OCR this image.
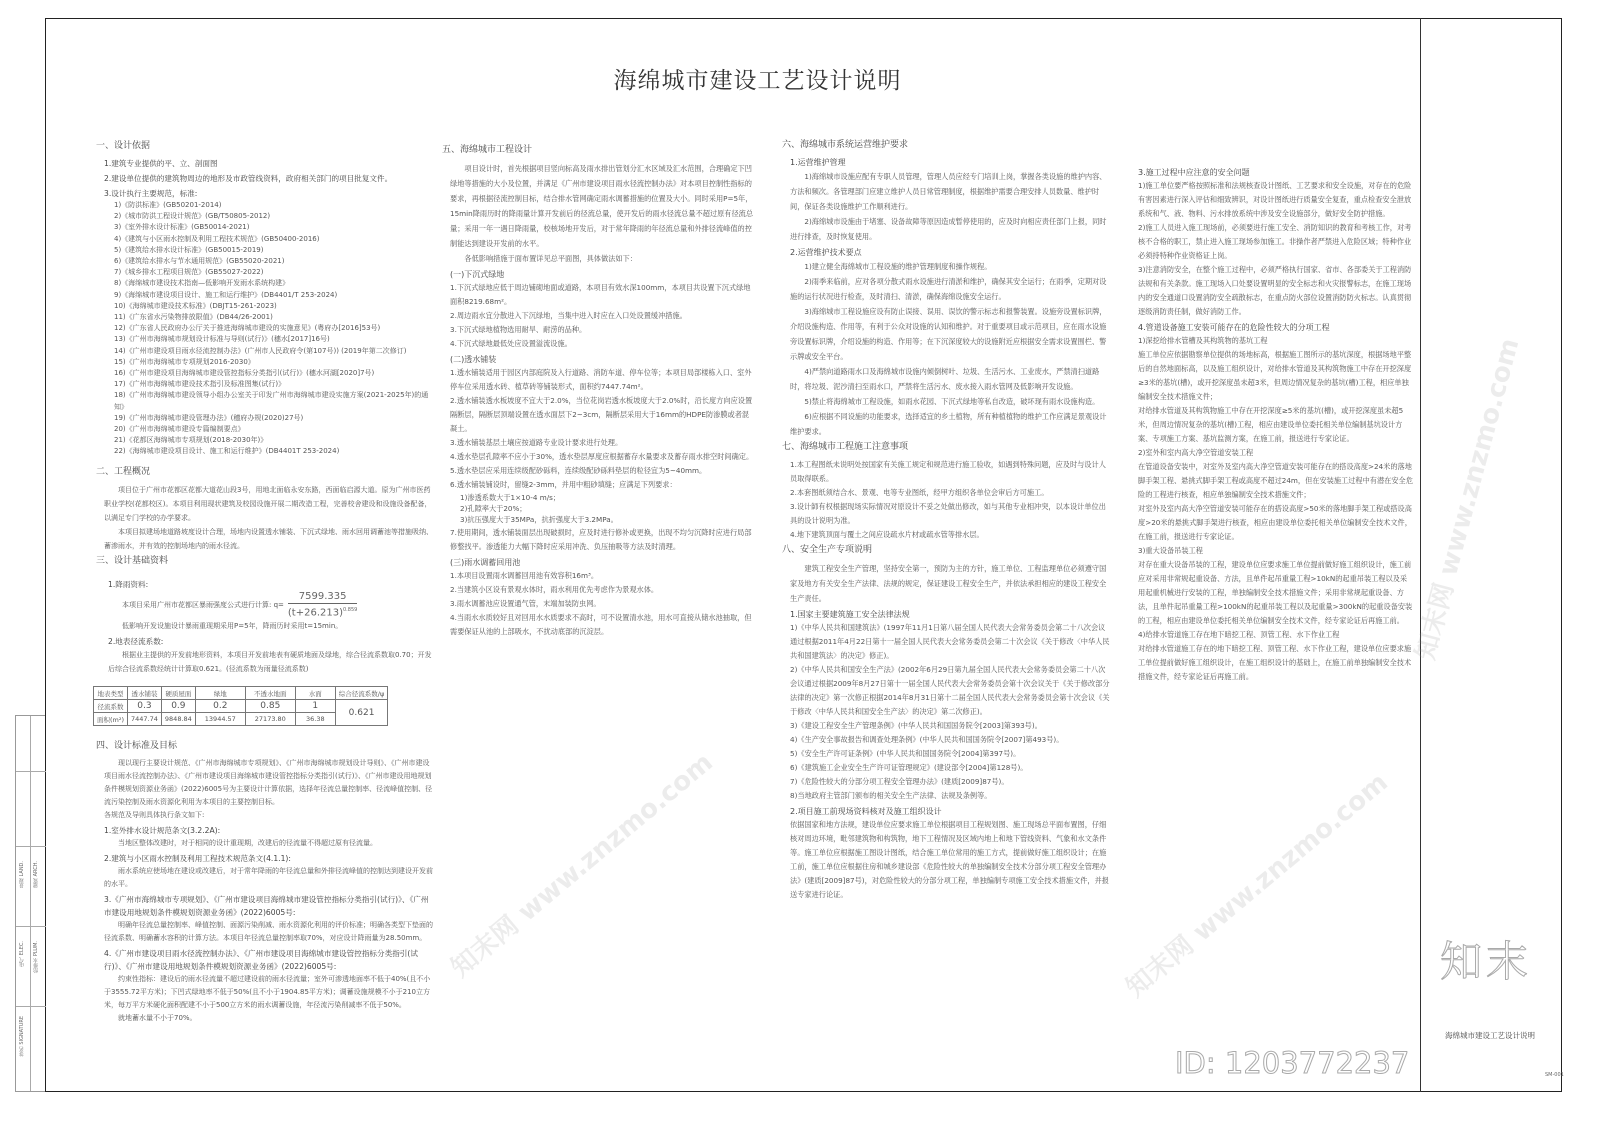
签名 SIGNATURE
电气 ELEC. 给排水 PLUM.
景观 LAND. 建筑 ARCH.
海绵城市建设工艺设计说明
一、设计依据
1.建筑专业提供的平、立、剖面图
2.建设单位提供的建筑物周边的地形及市政管线资料，政府相关部门的项目批复文件。
3.设计执行主要规范，标准:
1)《防洪标准》(GB50201-2014)
2)《城市防洪工程设计规范》(GB/T50805-2012)
3)《室外排水设计标准》(GB50014-2021)
4)《建筑与小区雨水控制及利用工程技术规范》(GB50400-2016)
5)《建筑给水排水设计标准》(GB50015-2019)
6)《建筑给水排水与节水通用规范》(GB55020-2021)
7)《城乡排水工程项目规范》(GB55027-2022)
8)《海绵城市建设技术指南—低影响开发雨水系统构建》
9)《海绵城市建设项目设计、施工和运行维护》(DB4401/T 253-2024)
10)《海绵城市建设技术标准》(DBJT15-261-2023)
11)《广东省水污染物排放限值》(DB44/26-2001)
12)《广东省人民政府办公厅关于推进海绵城市建设的实施意见》(粤府办[2016]53号)
13)《广州市海绵城市规划设计标准与导则(试行)》(穗水[2017]16号)
14)《广州市建设项目雨水径流控制办法》(广州市人民政府令(第107号)) (2019年第二次修订)
15)《广州市海绵城市专项规划2016-2030》
16)《广州市建设项目海绵城市建设管控指标分类指引(试行)》(穗水河湖[2020]7号)
17)《广州市海绵城市建设技术指引及标准图集(试行)》
18)《广州市海绵城市建设领导小组办公室关于印发广州市海绵城市建设实施方案(2021-2025年)的通知》
19)《广州市海绵城市建设管理办法》(穗府办规(2020)27号)
20)《广州市海绵城市建设专篇编制要点》
21)《花都区海绵城市专项规划(2018-2030年)》
22)《海绵城市建设项目设计、施工和运行维护》(DB4401T 253-2024)
二、工程概况
项目位于广州市花都区花都大道花山段3号，用地北面临永安东路，西面临启源大道。原为广州市医药职业学校(花都校区)。本项目利用现状建筑及校园设施开展二期改造工程，完善校舍建设和设施设备配备，以满足专门学校的办学要求。
本项目拟建场地道路坡度设计合理，场地内设置透水铺装、下沉式绿地、雨水回用调蓄池等措施吸纳、蓄渗雨水，并有效的控制场地内的雨水径流。
三、设计基础资料
1.降雨资料:
本项目采用广州市花都区暴雨强度公式进行计算: $q= \frac{7599.335}{(t+26.213)^{0.859}}$
低影响开发设施设计暴雨重现期采用P=5年，降雨历时采用t=15min。
2.地表径流系数:
根据业主提供的开发前地形资料，本项目开发前地表有硬质地面及绿地，综合径流系数取0.70；开发后综合径流系数经统计计算取0.621。(径流系数为雨量径流系数)
地表类型	透水铺装	硬质屋面	绿地	不透水地面	水面	综合径流系数/ψ
径流系数	0.3	0.9	0.2	0.85	1	0.621
面积(m²)	7447.74	9848.84	13944.57	27173.80	36.38	
四、设计标准及目标
现以现行主要设计规范、《广州市海绵城市专项规划》、《广州市海绵城市规划设计导则》、《广州市建设项目雨水径流控制办法》、《广州市建设项目海绵城市建设管控指标分类指引(试行)》、《广州市建设用地规划条件模规划资源业务函》(2022)6005号为主要设计计算依据，选择年径流总量控制率、径流峰值控制、径流污染控制及雨水资源化利用为本项目的主要控制目标。
各规范及导则具体执行条文如下:
1.室外排水设计规范条文(3.2.2A):
当地区整体改建时，对于相同的设计重现期，改建后的径流量不得超过原有径流量。
2.建筑与小区雨水控制及利用工程技术规范条文(4.1.1):
雨水系统应使场地在建设或改建后，对于常年降雨的年径流总量和外排径流峰值的控制达到建设开发前的水平。
3.《广州市海绵城市专项规划》、《广州市建设项目海绵城市建设管控指标分类指引(试行)》、《广州市建设用地规划条件模规划资源业务函》(2022)6005号:
明确年径流总量控制率、峰值控制、面源污染削减、雨水资源化利用的评价标准；明确各类型下垫面的径流系数、明确蓄水容积的计算方法。本项目年径流总量控制率取70%，对应设计降雨量为28.50mm。
4.《广州市建设项目雨水径流控制办法》、《广州市建设项目海绵城市建设管控指标分类指引(试行)》、《广州市建设用地规划条件模规划资源业务函》(2022)6005号:
约束性指标：建设后的雨水径流量不超过建设前的雨水径流量；室外可渗透地面率不低于40%(且不小于3555.72平方米)；下凹式绿地率不低于50%(且不小于1904.85平方米)；调蓄设施规模不小于210立方米，每万平方米硬化面积配建不小于500立方米的雨水调蓄设施，年径流污染削减率不低于50%。
就地蓄水量不小于70%。
五、海绵城市工程设计
项目设计时，首先根据项目竖向标高及雨水排出管划分汇水区域及汇水范围，合理确定下凹绿地等措施的大小及位置，并满足《广州市建设项目雨水径流控制办法》对本项目控制性指标的要求，再根据径流控制目标，结合排水管网确定雨水调蓄措施的位置及大小。同时采用P=5年，15min降雨历时的降雨量计算开发前后的径流总量，使开发后的雨水径流总量不超过原有径流总量；采用一年一遇日降雨量，校核场地开发后，对于常年降雨的年径流总量和外排径流峰值的控制能达到建设开发前的水平。
各低影响措施于面布置详见总平面图，具体做法如下：
(一)下沉式绿地
1.下沉式绿地应低于周边铺砌地面或道路，本项目有效水深100mm，本项目共设置下沉式绿地面积8219.68m²。
2.周边雨水宜分散进入下沉绿地，当集中进入时应在入口处设置缓冲措施。
3.下沉式绿地植物选用耐旱、耐涝的品种。
4.下沉式绿地最低处应设置溢流设施。
(二)透水铺装
1.透水铺装适用于园区内部庭院及入行道路、消防车道、停车位等；本项目局部楼栋入口、室外停车位采用透水砖、植草砖等铺装形式，面积约7447.74m²。
2.透水铺装透水板坡度不宜大于2.0%，当位花岗岩透水板坡度大于2.0%时，沿长度方向应设置隔断层，隔断层顶端设置在透水面层下2~3cm，隔断层采用大于16mm的HDPE防渗膜或者混凝土。
3.透水铺装基层土壤应按道路专业设计要求进行处理。
4.透水垫层孔隙率不应小于30%，透水垫层厚度应根据蓄存水量要求及蓄存雨水排空时间确定。
5.透水垫层应采用连续级配砂砾料，连续级配砂砾料垫层的粒径宜为5~40mm。
6.透水铺装铺设时，留缝2-3mm，并用中粗砂填缝；应满足下列要求：
1)渗透系数大于1×10-4 m/s；
2)孔隙率大于20%；
3)抗压强度大于35MPa，抗折强度大于3.2MPa。
7.使用期间，透水铺装面层出现破损时，应及时进行修补或更换，出现不均匀沉降时应进行局部修整找平。渗透能力大幅下降时应采用冲洗、负压抽吸等方法及时清理。
(三)雨水调蓄回用池
1.本项目设置雨水调蓄回用池有效容积16m³。
2.当建筑小区设有景观水体时，雨水利用优先考虑作为景观水体。
3.雨水调蓄池应设置通气管，末端加装防虫网。
4.当雨水水质较好且对回用水水质要求不高时，可不设置清水池，用水可直接从储水池抽取，但需要保证从池的上部吸水，不扰动底部的沉淀层。
六、海绵城市系统运营维护要求
1.运营维护管理
1)海绵城市设施应配有专职人员管理，管理人员应经专门培训上岗，掌握各类设施的维护内容、方法和频次。各管理部门应建立维护人员日常管理制度，根据维护需要合理安排人员数量、维护时间，保证各类设施维护工作顺利进行。
2)海绵城市设施由于堵塞、设备故障等原因造成暂停使用的，应及时向相应责任部门上报，同时进行排查，及时恢复使用。
2.运营维护技术要点
1)建立健全海绵城市工程设施的维护管理制度和操作规程。
2)雨季来临前，应对各项分散式雨水设施进行清淤和维护，确保其安全运行；在雨季，定期对设施的运行状况进行检查，及时清扫、清淤，确保海绵设施安全运行。
3)海绵城市工程设施应设有防止误接、误用、误饮的警示标志和报警装置。设施旁设置标识牌，介绍设施构造、作用等，有利于公众对设施的认知和维护。对于重要项目或示范项目，应在雨水设施旁设置标识牌，介绍设施的构造、作用等；在下沉深度较大的设施附近应根据安全需求设置围栏、警示牌或安全平台。
4)严禁向道路雨水口及海绵城市设施内倾倒树叶、垃圾、生活污水、工业废水，严禁清扫道路时，将垃圾、泥沙清扫至雨水口，严禁将生活污水、废水接入雨水管网及低影响开发设施。
5)禁止将海绵城市工程设施，如雨水花园、下沉式绿地等私自改造，破坏现有雨水设施构造。
6)应根据不同设施的功能要求，选择适宜的乡土植物，所有种植植物的维护工作应满足景观设计维护要求。
七、海绵城市工程施工注意事项
1.本工程图纸未说明处按国家有关施工规定和规范进行施工验收，如遇到特殊问题，应及时与设计人员取得联系。
2.本套图纸须结合水、景观、电等专业图纸，经甲方组织各单位会审后方可施工。
3.设计師有权根据现场实际情况对原设计不妥之处做出修改，如与其他专业相冲突，以本设计单位出具的设计说明为准。
4.地下建筑顶面与覆土之间应设疏水片材或疏水管等排水层。
八、安全生产专项说明
建筑工程安全生产管理，坚持安全第一，预防为主的方针，施工单位、工程监理单位必须遵守国家及地方有关安全生产法律、法规的规定，保证建设工程安全生产，并依法承担相应的建设工程安全生产责任。
1.国家主要建筑施工安全法律法规
1)《中华人民共和国建筑法》(1997年11月1日第八届全国人民代表大会常务委员会第二十八次会议通过根据2011年4月22日第十一届全国人民代表大会常务委员会第二十次会议《关于修改〈中华人民共和国建筑法〉的决定》修正)。
2)《中华人民共和国安全生产法》(2002年6月29日第九届全国人民代表大会常务委员会第二十八次会议通过根据2009年8月27日第十一届全国人民代表大会常务委员会第十次会议关于《关于修改部分法律的决定》第一次修正根据2014年8月31日第十二届全国人民代表大会常务委员会第十次会议《关于修改〈中华人民共和国安全生产法〉的决定》第二次修正)。
3)《建设工程安全生产管理条例》(中华人民共和国国务院令[2003]第393号)。
4)《生产安全事故报告和调查处理条例》(中华人民共和国国务院令[2007]第493号)。
5)《安全生产许可证条例》(中华人民共和国国务院令[2004]第397号)。
6)《建筑施工企业安全生产许可证管理规定》(建设部令[2004]第128号)。
7)《危险性较大的分部分项工程安全管理办法》(建质[2009]87号)。
8)当地政府主管部门颁布的相关安全生产法律、法规及条例等。
2.项目施工前现场资料核对及施工组织设计
依据国家和地方法规，建设单位应要求施工单位根据项目工程规划图、施工现场总平面布置图，仔细核对周边环境，毗邻建筑物和构筑物，地下工程情况及区域内地上和地下管线资料、气象和水文条件等。施工单位应根据施工图设计图纸，结合施工单位常用的施工方式，提前做好施工组织设计；在施工前，施工单位应根据住房和城乡建设部《危险性较大的单独编制安全技术分部分项工程安全管理办法》(建质[2009]87号)，对危险性较大的分部分项工程，单独编制专项施工安全技术措施文件，并报送专家进行论证。
3.施工过程中应注意的安全问题
1)施工单位要严格按照标准和法规核查设计图纸、工艺要求和安全设施，对存在的危险有害因素进行深入评估和细致辨识，对设计图纸进行质量安全复查，重点检查安全泄放系统和气、液、物料、污水排放系统中涉及安全设施部分，做好安全防护措施。
2)施工人员进入施工现场前，必须要进行施工安全、消防知识的教育和考核工作，对考核不合格的职工，禁止进入施工现场参加施工。非操作者严禁进入危险区域；特种作业必须持特种作业资格证上岗。
3)注意消防安全，在整个施工过程中，必须严格执行国家、省市、各部委关于工程消防法规和有关条款。施工现场入口处要设置明显的安全标志和火灾报警标志，在施工现场内的安全通道口设置消防安全疏散标志，在重点防火部位设置消防防火标志。认真贯彻逐级消防责任制，做好消防工作。
4.管道设备施工安装可能存在的危险性较大的分项工程
1)深挖给排水管槽及其构筑物的基坑工程
施工单位应依据勘察单位提供的场地标高，根据施工图所示的基坑深度，根据场地平整后的自然地面标高，以及施工组织设计，对给排水管道及其构筑物施工中存在开挖深度≥3米的基坑(槽)，或开挖深度虽未超3米，但周边情况复杂的基坑(槽)工程，相应单独编制安全技术措施文件；
对给排水管道及其构筑物施工中存在开挖深度≥5米的基坑(槽)，或开挖深度虽未超5米，但周边情况复杂的基坑(槽)工程，相应由建设单位委托相关单位编制基坑设计方案、专项施工方案、基坑监测方案，在施工前，报送进行专家论证。
2)室外和室内高大净空管道安装工程
在管道设备安装中，对室外及室内高大净空管道安装可能存在的搭设高度>24米的落地脚手架工程、悬挑式脚手架工程或高度不超过24m，但在安装施工过程中有潜在安全危险的工程进行核查，相应单独编制安全技术措施文件；
对室外及室内高大净空管道安装可能存在的搭设高度>50米的落地脚手架工程或搭设高度>20米的悬挑式脚手架进行核查，相应由建设单位委托相关单位编制安全技术文件，在施工前，报送进行专家论证。
3)重大设备吊装工程
对存在重大设备吊装的工程，建设单位应要求施工单位提前做好施工组织设计，施工前应对采用非常规起重设备、方法，且单件起吊重量工程>10kN的起重吊装工程以及采用起重机械进行安装的工程，单独编制安全技术措施文件；采用非常规起重设备、方法，且单件起吊重量工程>100kN的起重吊装工程以及起重量>300kN的起重设备安装的工程，相应由建设单位委托相关单位编制安全技术文件，经专家论证后再施工前。
4)给排水管道施工存在地下暗挖工程、顶管工程、水下作业工程
对给排水管道施工存在的地下暗挖工程、顶管工程、水下作业工程，建设单位应要求施工单位提前做好施工组织设计，在施工组织设计的基础上，在施工前单独编制安全技术措施文件，经专家论证后再施工前。
海绵城市建设工艺设计说明
SM-001
知末网 www.znzmo.com	知末网 www.znzmo.com
知末网 www.znzmo.com
知末
ID: 1203772237
